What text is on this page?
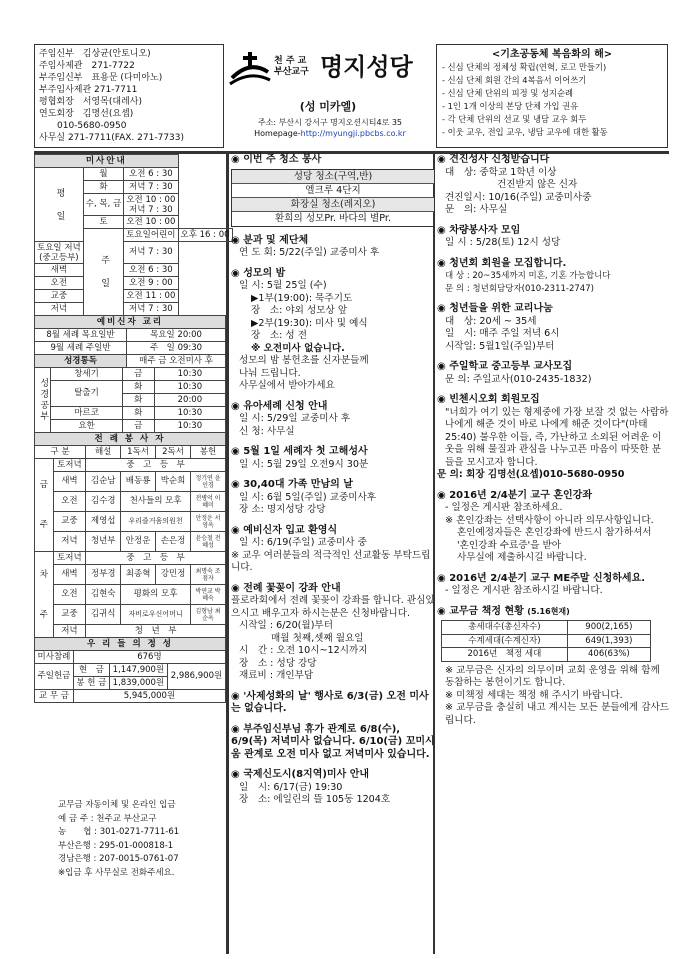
주임신부　김상균(안토니오)
주임사제관　271-7722
부주임신부　표용문 (다미아노)
부주임사제관 271-7711
평협회장　서영목(대레사)
연도회장　김명선(요셉)
　　010-5680-0950
사무실 271-7711(FAX. 271-7733)
천 주 교
부산교구 명지성당
(성 미카엘)
주소: 부산시 강서구 명지오션시티4로 35
Homepage-http://myungji.pbcbs.co.kr
<기초공동체 복음화의 해>
- 신심 단체의 정체성 확립(연혁, 로고 만들기)
- 신심 단체 회원 간의 4복음서 이어쓰기
- 신심 단체 단위의 피정 및 성지순례
- 1인 1개 이상의 본당 단체 가입 권유
- 각 단체 단위의 선교 및 냉담 교우 회두
- 이웃 교우, 전입 교우, 냉담 교우에 대한 활동
미사안내			
평 일	월	오전 6 : 30	
	화	저녁 7 : 30	
	수, 목, 금	오전 10 : 00
저녁 7 : 30	
	토	오전 10 : 00	
	주 일	토요일어린이	오후 16 : 00
토요일 저녁
(중고등부)		저녁 7 : 30	
새벽		오전 6 : 30	
오전		오전 9 : 00	
교중		오전 11 : 00	
저녁		저녁 7 : 30	
예비신자 교리	
8월 세례 목요일반	목요일 20:00
9월 세례 주일반	주　일 09:30
성경통독	매주 금 오전미사 후
성경공부	창세기	금	10:30
	탈출기	화	10:30
		화	20:00
	마르코	화	10:30
	요한	금	10:30
전 례 봉 사 자					
구 분		해설	1독서	2독서	봉헌
금
주	토저녁	중　고　등　부			
	새벽	김순남	배동룡	박순희	정기연 윤인경
	오전	김수경	천사들의 모후		전병억 이혜미
	교중	제영섭	우리즐거움의원천		안정운 서영옥
	저녁	청년부	안정운	손은정	윤승철 전혜성
차
주	토저녁	중　고　등　부			
	새벽	정부경	최종혁	강민정	최명숙 조점자
	오전	김현숙	평화의 모후		박연교 박혜숙
	교중	김귀식	자비로우신어머니		김형남 최순옥
	저녁	청　년　부			
우 리 들 의 정 성			
미사참례	676명		
주일헌금	현　금	1,147,900원	2,986,900원
	봉 헌 금	1,839,000원	
교 무 금	5,945,000원		
교무금 자동이체 및 온라인 입금
예 금 주 : 천주교 부산교구
농　　협 : 301-0271-7711-61
부산은행 : 295-01-000818-1
경남은행 : 207-0015-0761-07
※입금 후 사무실로 전화주세요.
◉ 이번 주 청소 봉사
성당 청소(구역,반)
엘크루 4단지
화장실 청소(레지오)
환희의 성모Pr. 바다의 별Pr.
◉ 분과 및 제단체
연 도 회: 5/22(주일) 교중미사 후
◉ 성모의 밤
일 시: 5월 25일 (수)
▶1부(19:00): 묵주기도
장　소: 야외 성모상 앞
▶2부(19:30): 미사 및 예식
장　소: 성 전
※ 오전미사 없습니다.
성모의 밤 봉헌초를 신자분들께
나눠 드립니다.
사무실에서 받아가세요
◉ 유아세례 신청 안내
일 시: 5/29일 교중미사 후
신 청: 사무실
◉ 5월 1일 세례자 첫 고해성사
일 시: 5월 29일 오전9시 30분
◉ 30,40대 가족 만남의 날
일 시: 6월 5일(주일) 교중미사후
장 소: 명지성당 강당
◉ 예비신자 입교 환영식
일 시: 6/19(주일) 교중미사 중
※ 교우 여러분들의 적극적인 선교활동 부탁드립니다.
◉ 전례 꽃꽂이 강좌 안내
플로라회에서 전례 꽃꽂이 강좌를 합니다. 관심있으시고 배우고자 하시는분은 신청바랍니다.
시작일 : 6/20(월)부터
매월 첫째,셋째 월요일
시　간 : 오전 10시~12시까지
장　소 : 성당 강당
재료비 : 개인부담
◉ '사제성화의 날' 행사로 6/3(금) 오전 미사는 없습니다.
◉ 부주임신부님 휴가 관계로 6/8(수), 6/9(목) 저녁미사 없습니다. 6/10(금) 꼬미시움 관계로 오전 미사 없고 저녁미사 있습니다.
◉ 국제신도시(8지역)미사 안내
일　시: 6/17(금) 19:30
장　소: 에일린의 뜰 105동 1204호
◉ 견진성사 신청받습니다
대　상: 중학교 1학년 이상
건진받지 않은 신자
견진일시: 10/16(주일) 교중미사중
문　의: 사무실
◉ 차량봉사자 모임
일 시 : 5/28(토) 12시 성당
◉ 청년회 회원을 모집합니다.
대 상 : 20~35세까지 미혼, 기혼 가능합니다
문 의 : 청년회담당자(010-2311-2747)
◉ 청년들을 위한 교리나눔
대　상: 20세 ~ 35세
일　시: 매주 주일 저녁 6시
시작일: 5월1일(주일)부터
◉ 주일학교 중고등부 교사모집
문 의: 주일교사(010-2435-1832)
◉ 빈첸시오회 회원모집
"너희가 여기 있는 형제중에 가장 보잘 것 없는 사람하나에게 해준 것이 바로 나에게 해준 것이다"(마태25:40) 불우한 이들, 즉, 가난하고 소외된 어려운 이웃을 위해 물질과 관심을 나누고픈 마음이 따뜻한 분들을 모시고자 합니다.
문 의: 회장 김명선(요셉)010-5680-0950
◉ 2016년 2/4분기 교구 혼인강좌
- 일정은 게시판 참조하세요.
※ 혼인강좌는 선택사항이 아니라 의무사항입니다.
혼인예정자들은 혼인강좌에 반드시 참가하셔서
'혼인강좌 수료증'을 받아
사무실에 제출하시길 바랍니다.
◉ 2016년 2/4분기 교구 ME주말 신청하세요.
- 일정은 게시판 참조하시길 바랍니다.
◉ 교무금 책정 현황 (5.16현재)
총세대수(총신자수)	900(2,165)
수계세대(수계신자)	649(1,393)
2016년　책정 세대	406(63%)
※ 교무금은 신자의 의무이며 교회 운영을 위해 함께 동참하는 봉헌이기도 합니다.
※ 미책정 세대는 책정 해 주시기 바랍니다.
※ 교무금을 충실히 내고 계시는 모든 분들에게 감사드립니다.
